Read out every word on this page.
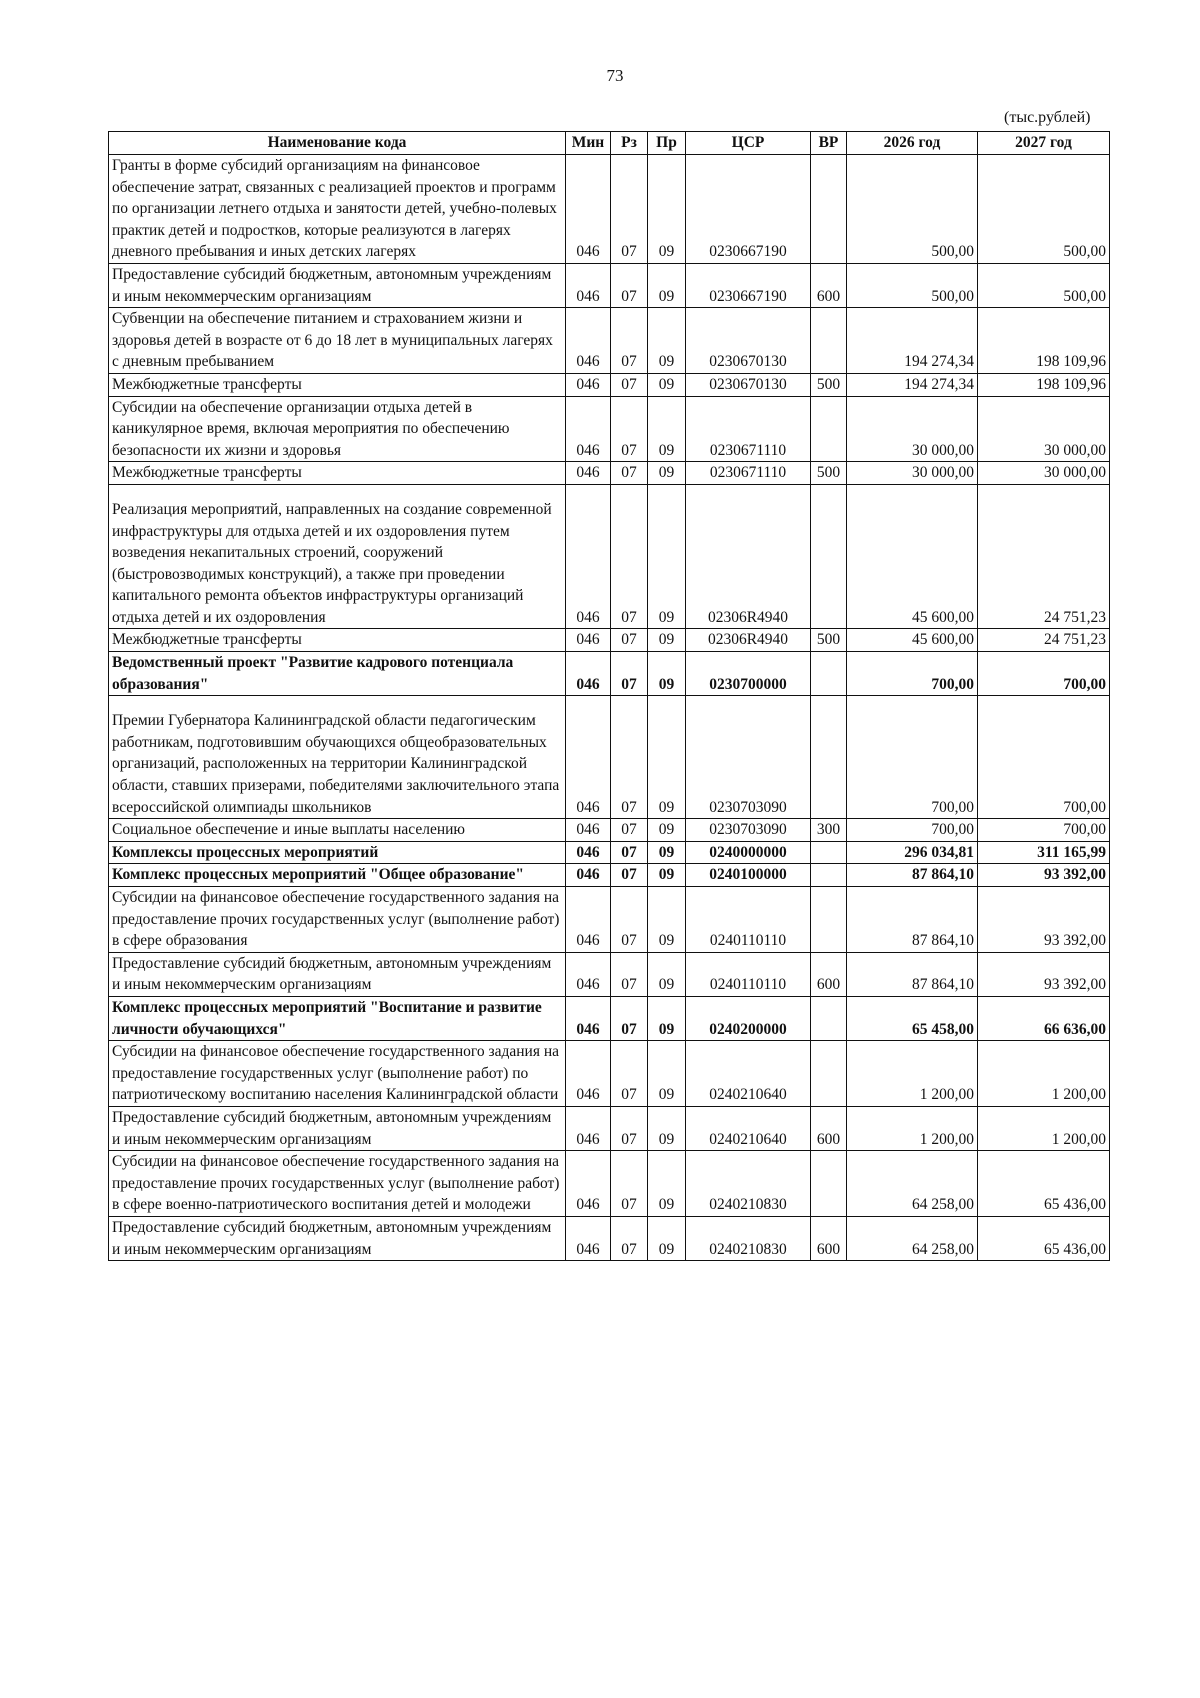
73
(тыс.рублей)
Наименование кода	Мин	Рз	Пр	ЦСР	ВР	2026 год	2027 год
Гранты в форме субсидий организациям на финансовое обеспечение затрат, связанных с реализацией проектов и программ по организации летнего отдыха и занятости детей, учебно-полевых практик детей и подростков, которые реализуются в лагерях дневного пребывания и иных детских лагерях	046	07	09	0230667190		500,00	500,00
Предоставление субсидий бюджетным, автономным учреждениям и иным некоммерческим организациям	046	07	09	0230667190	600	500,00	500,00
Субвенции на обеспечение питанием и страхованием жизни и здоровья детей в возрасте от 6 до 18 лет в муниципальных лагерях с дневным пребыванием	046	07	09	0230670130		194 274,34	198 109,96
Межбюджетные трансферты	046	07	09	0230670130	500	194 274,34	198 109,96
Субсидии на обеспечение организации отдыха детей в каникулярное время, включая мероприятия по обеспечению безопасности их жизни и здоровья	046	07	09	0230671110		30 000,00	30 000,00
Межбюджетные трансферты	046	07	09	0230671110	500	30 000,00	30 000,00
Реализация мероприятий, направленных на создание современной инфраструктуры для отдыха детей и их оздоровления путем возведения некапитальных строений, сооружений (быстровозводимых конструкций), а также при проведении капитального ремонта объектов инфраструктуры организаций отдыха детей и их оздоровления	046	07	09	02306R4940		45 600,00	24 751,23
Межбюджетные трансферты	046	07	09	02306R4940	500	45 600,00	24 751,23
Ведомственный проект "Развитие кадрового потенциала образования"	046	07	09	0230700000		700,00	700,00
Премии Губернатора Калининградской области педагогическим работникам, подготовившим обучающихся общеобразовательных организаций, расположенных на территории Калининградской области, ставших призерами, победителями заключительного этапа всероссийской олимпиады школьников	046	07	09	0230703090		700,00	700,00
Социальное обеспечение и иные выплаты населению	046	07	09	0230703090	300	700,00	700,00
Комплексы процессных мероприятий	046	07	09	0240000000		296 034,81	311 165,99
Комплекс процессных мероприятий "Общее образование"	046	07	09	0240100000		87 864,10	93 392,00
Субсидии на финансовое обеспечение государственного задания на предоставление прочих государственных услуг (выполнение работ) в сфере образования	046	07	09	0240110110		87 864,10	93 392,00
Предоставление субсидий бюджетным, автономным учреждениям и иным некоммерческим организациям	046	07	09	0240110110	600	87 864,10	93 392,00
Комплекс процессных мероприятий "Воспитание и развитие личности обучающихся"	046	07	09	0240200000		65 458,00	66 636,00
Субсидии на финансовое обеспечение государственного задания на предоставление государственных услуг (выполнение работ) по патриотическому воспитанию населения Калининградской области	046	07	09	0240210640		1 200,00	1 200,00
Предоставление субсидий бюджетным, автономным учреждениям и иным некоммерческим организациям	046	07	09	0240210640	600	1 200,00	1 200,00
Субсидии на финансовое обеспечение государственного задания на предоставление прочих государственных услуг (выполнение работ) в сфере военно-патриотического воспитания детей и молодежи	046	07	09	0240210830		64 258,00	65 436,00
Предоставление субсидий бюджетным, автономным учреждениям и иным некоммерческим организациям	046	07	09	0240210830	600	64 258,00	65 436,00
